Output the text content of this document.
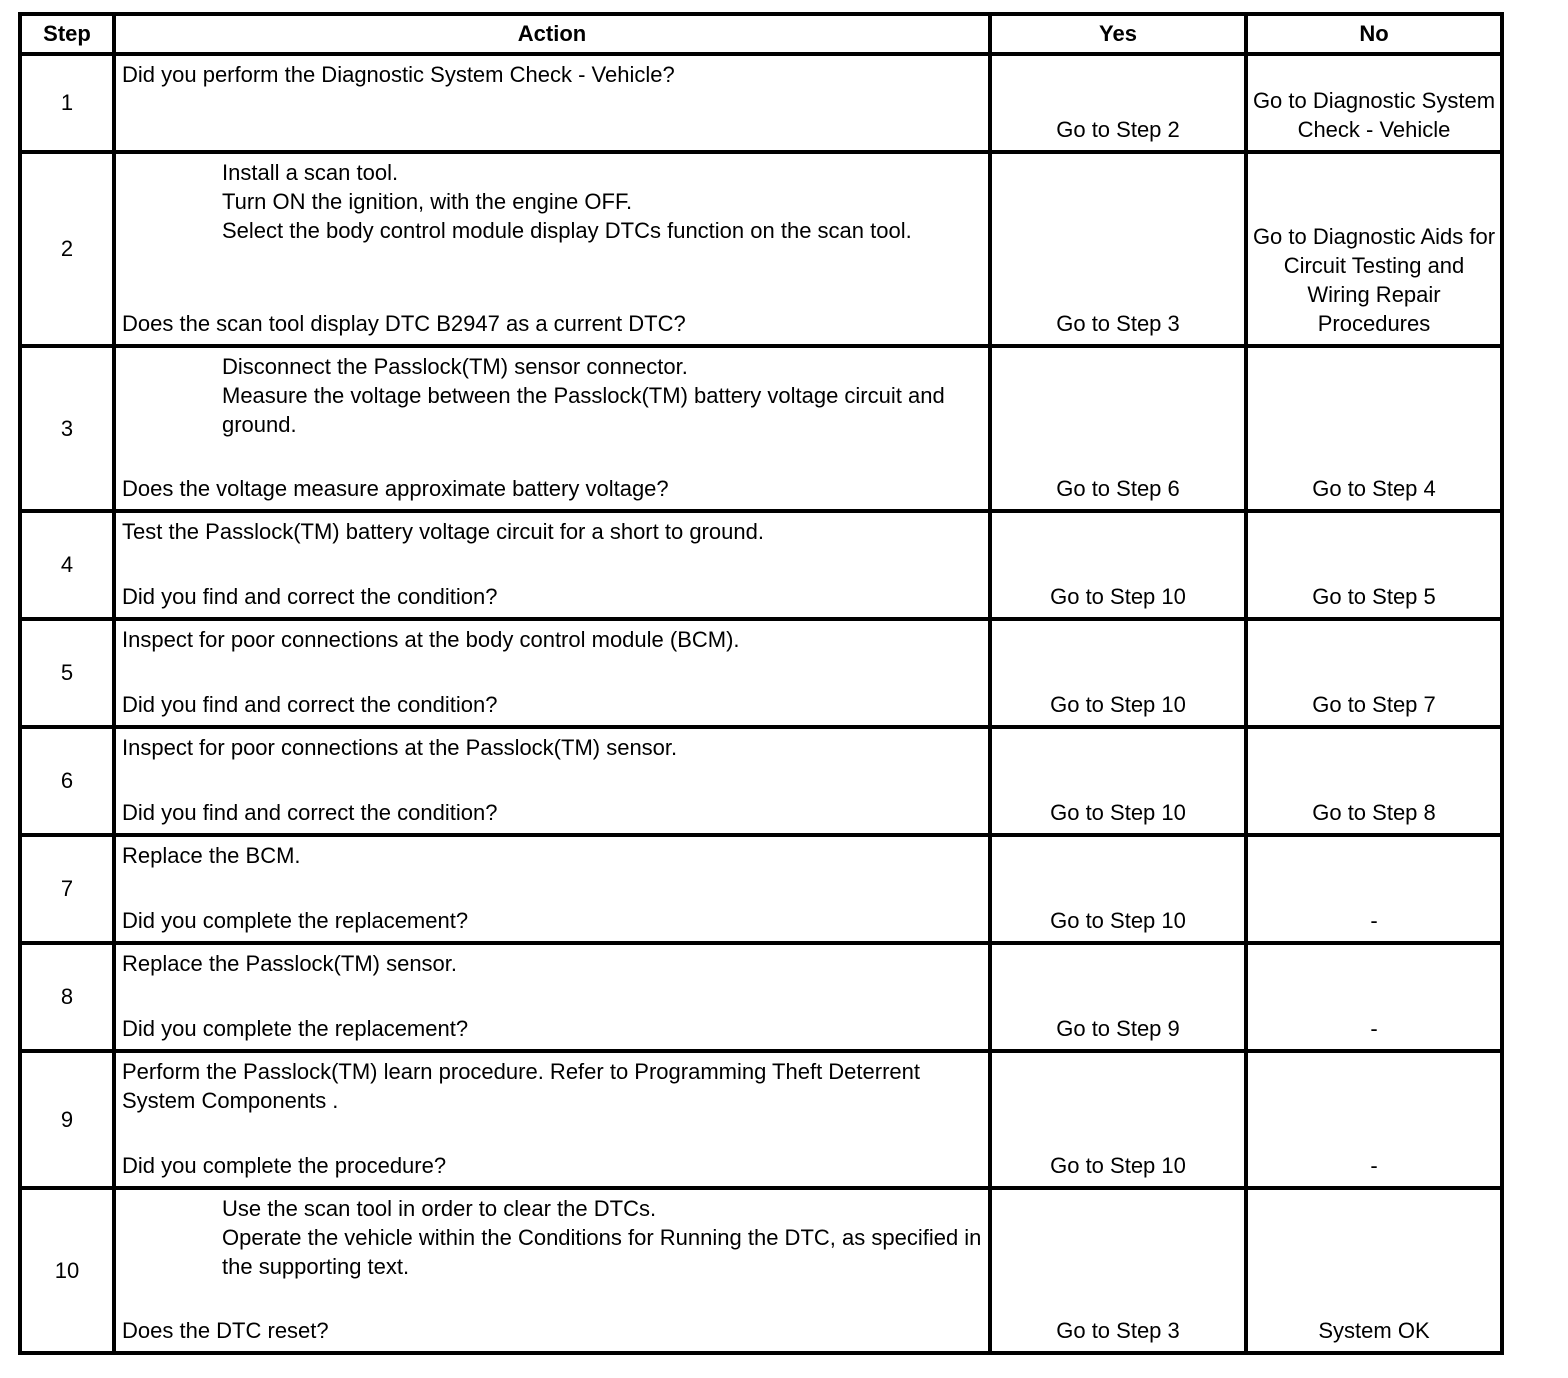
Step	Action	Yes	No
1	Did you perform the Diagnostic System Check - Vehicle?	Go to Step 2	Go to Diagnostic System Check - Vehicle
2	Install a scan tool.
Turn ON the ignition, with the engine OFF.
Select the body control module display DTCs function on the scan tool.
Does the scan tool display DTC B2947 as a current DTC?	Go to Step 3	Go to Diagnostic Aids for Circuit Testing and Wiring Repair Procedures
3	Disconnect the Passlock(TM) sensor connector.
Measure the voltage between the Passlock(TM) battery voltage circuit and ground.
Does the voltage measure approximate battery voltage?	Go to Step 6	Go to Step 4
4	Test the Passlock(TM) battery voltage circuit for a short to ground.
Did you find and correct the condition?	Go to Step 10	Go to Step 5
5	Inspect for poor connections at the body control module (BCM).
Did you find and correct the condition?	Go to Step 10	Go to Step 7
6	Inspect for poor connections at the Passlock(TM) sensor.
Did you find and correct the condition?	Go to Step 10	Go to Step 8
7	Replace the BCM.
Did you complete the replacement?	Go to Step 10	-
8	Replace the Passlock(TM) sensor.
Did you complete the replacement?	Go to Step 9	-
9	Perform the Passlock(TM) learn procedure. Refer to Programming Theft Deterrent System Components .
Did you complete the procedure?	Go to Step 10	-
10	Use the scan tool in order to clear the DTCs.
Operate the vehicle within the Conditions for Running the DTC, as specified in the supporting text.
Does the DTC reset?	Go to Step 3	System OK
